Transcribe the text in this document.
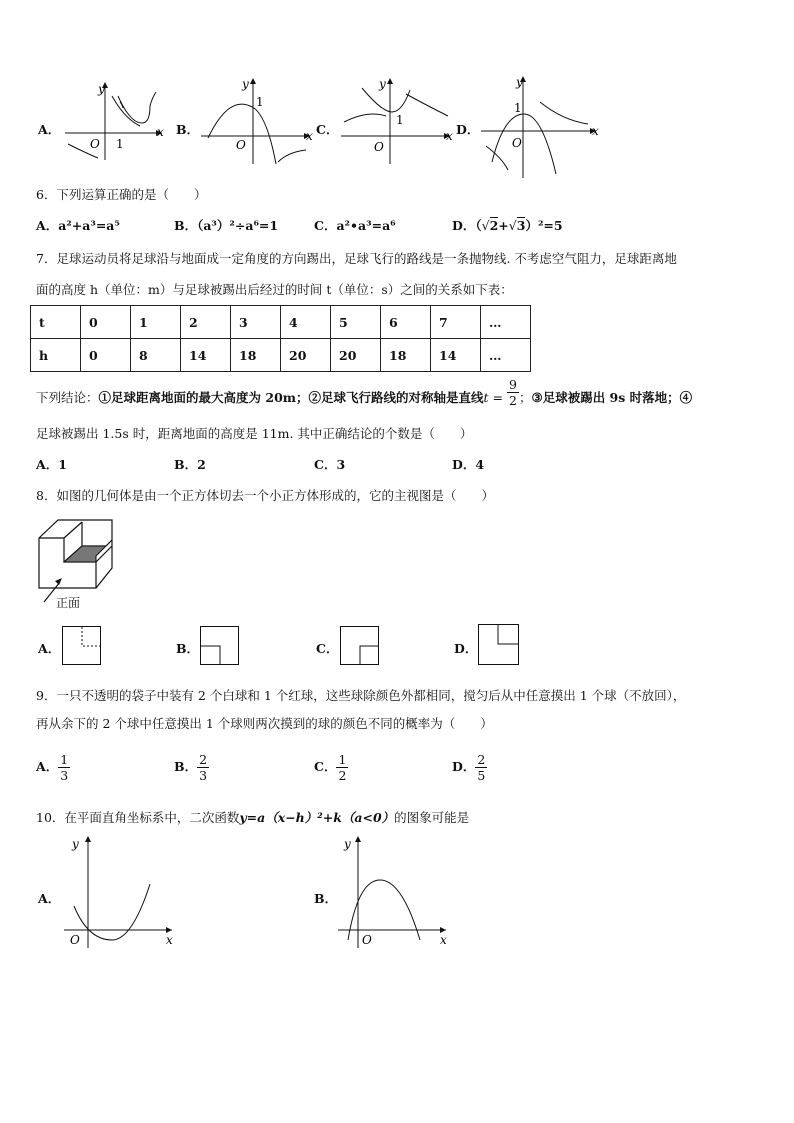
A．
y
O 1
x B．
y
O
1
x C．
y
O
1
x D．
y
O
1
x
6．下列运算正确的是（　　）
A．a²+a³=a⁵	B．（a³）²÷a⁶=1	C．a²•a³=a⁶	D．（√2+√3）²=5
7．足球运动员将足球沿与地面成一定角度的方向踢出，足球飞行的路线是一条抛物线. 不考虑空气阻力，足球距离地
面的高度 h（单位：m）与足球被踢出后经过的时间 t（单位：s）之间的关系如下表：
t	0	1	2	3	4	5	6	7	…
h	0	8	14	18	20	20	18	14	…
下列结论：①足球距离地面的最大高度为 20m；②足球飞行路线的对称轴是直线$t = \frac{9}{2}$ ；③足球被踢出 9s 时落地；④
足球被踢出 1.5s 时，距离地面的高度是 11m. 其中正确结论的个数是（　　）
A．1	B．2	C．3	D．4
8．如图的几何体是由一个正方体切去一个小正方体形成的，它的主视图是（　　）
正面
A．	B．	C．	D．
9．一只不透明的袋子中装有 2 个白球和 1 个红球，这些球除颜色外都相同，搅匀后从中任意摸出 1 个球（不放回），
再从余下的 2 个球中任意摸出 1 个球则两次摸到的球的颜色不同的概率为（　　）
A． $\frac{1}{3}$	B． $\frac{2}{3}$	C． $\frac{1}{2}$	D． $\frac{2}{5}$
10．在平面直角坐标系中，二次函数y=a（x−h）²+k（a<0）的图象可能是
A．
y
O	x
B．
y
O	x
